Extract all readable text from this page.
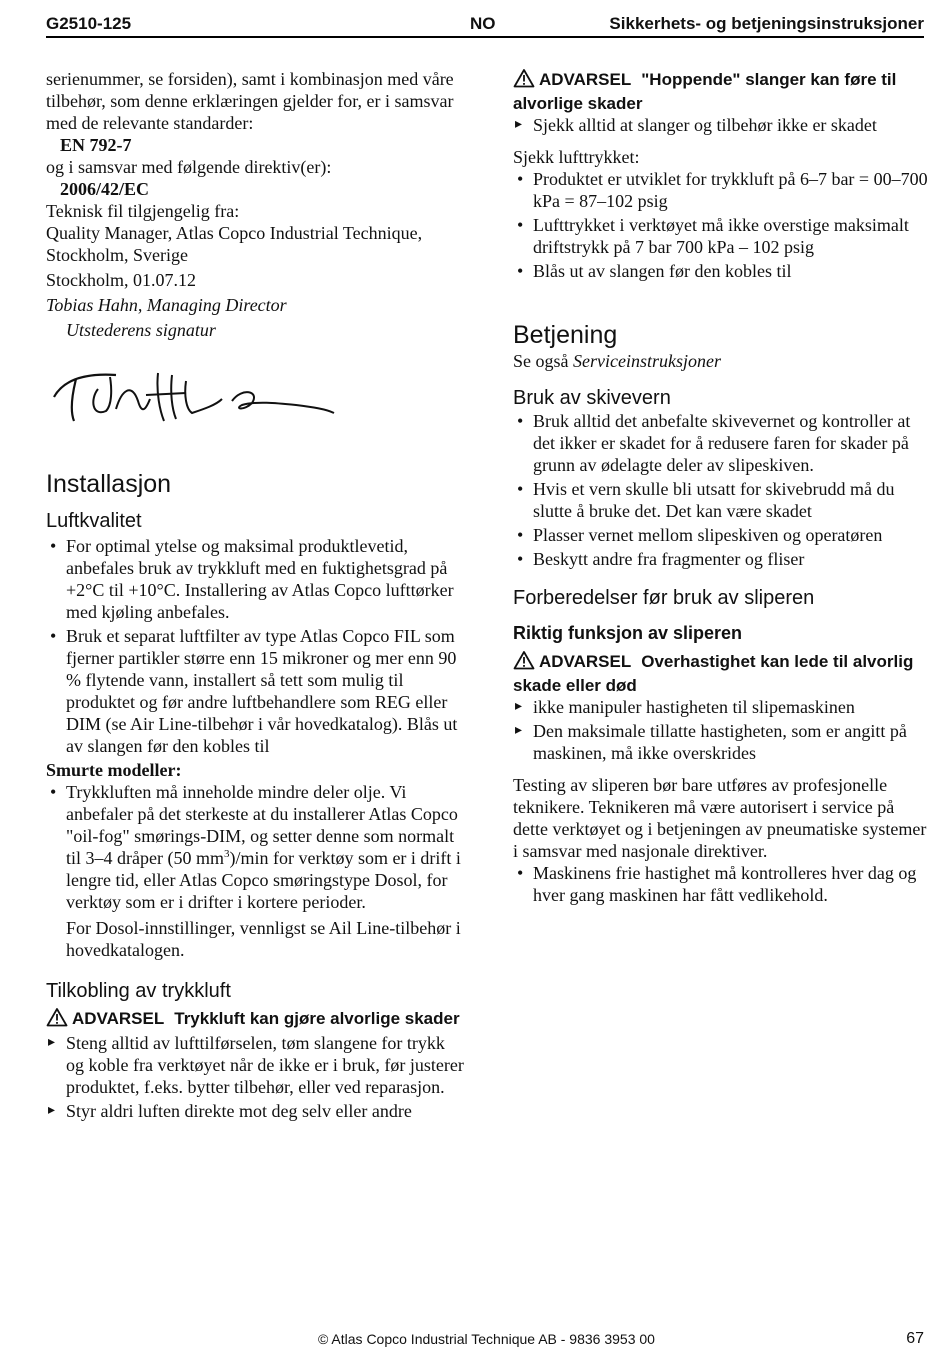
G2510-125	NO	Sikkerhets- og betjeningsinstruksjoner

serienummer, se forsiden), samt i kombinasjon med våre tilbehør, som denne erklæringen gjelder for, er i samsvar med de relevante standarder:

EN 792-7

og i samsvar med følgende direktiv(er):

2006/42/EC

Teknisk fil tilgjengelig fra:

Quality Manager, Atlas Copco Industrial Technique, Stockholm, Sverige

Stockholm, 01.07.12

Tobias Hahn, Managing Director

Utstederens signatur

Installasjon
Luftkvalitet
• For optimal ytelse og maksimal produktlevetid, anbefales bruk av trykkluft med en fuktighetsgrad på +2°C til +10°C. Installering av Atlas Copco lufttørker med kjøling anbefales.
• Bruk et separat luftfilter av type Atlas Copco FIL som fjerner partikler større enn 15 mikroner og mer enn 90 % flytende vann, installert så tett som mulig til produktet og før andre luftbehandlere som REG eller DIM (se Air Line-tilbehør i vår hovedkatalog). Blås ut av slangen før den kobles til

Smurte modeller:

• Trykkluften må inneholde mindre deler olje. Vi anbefaler på det sterkeste at du installerer Atlas Copco "oil-fog" smørings-DIM, og setter denne som normalt til 3–4 dråper (50 $mm^3)/\min$ for verktøy som er i drift i lengre tid, eller Atlas Copco smøringstype Dosol, for verktøy som er i drifter i kortere perioder.

For Dosol-innstillinger, vennligst se Ail Line-tilbehør i hovedkatalogen.

Tilkobling av trykkluft
ADVARSEL Trykkluft kan gjøre alvorlige skader
▸ Steng alltid av lufttilførselen, tøm slangene for trykk og koble fra verktøyet når de ikke er i bruk, før justerer produktet, f.eks. bytter tilbehør, eller ved reparasjon.
▸ Styr aldri luften direkte mot deg selv eller andre
ADVARSEL "Hoppende" slanger kan føre til alvorlige skader
▸ Sjekk alltid at slanger og tilbehør ikke er skadet

Sjekk lufttrykket:

• Produktet er utviklet for trykkluft på 6–7 bar = 00–700 kPa = 87–102 psig
• Lufttrykket i verktøyet må ikke overstige maksimalt driftstrykk på 7 bar 700 kPa – 102 psig
• Blås ut av slangen før den kobles til
Betjening

Se også Serviceinstruksjoner

Bruk av skivevern
• Bruk alltid det anbefalte skivevernet og kontroller at det ikker er skadet for å redusere faren for skader på grunn av ødelagte deler av slipeskiven.
• Hvis et vern skulle bli utsatt for skivebrudd må du slutte å bruke det. Det kan være skadet
• Plasser vernet mellom slipeskiven og operatøren
• Beskytt andre fra fragmenter og fliser
Forberedelser før bruk av sliperen
Riktig funksjon av sliperen
ADVARSEL Overhastighet kan lede til alvorlig skade eller død
▸ ikke manipuler hastigheten til slipemaskinen
▸ Den maksimale tillatte hastigheten, som er angitt på maskinen, må ikke overskrides

Testing av sliperen bør bare utføres av profesjonelle teknikere. Teknikeren må være autorisert i service på dette verktøyet og i betjeningen av pneumatiske systemer i samsvar med nasjonale direktiver.

• Maskinens frie hastighet må kontrolleres hver dag og hver gang maskinen har fått vedlikehold.
© Atlas Copco Industrial Technique AB - 9836 3953 00	67
